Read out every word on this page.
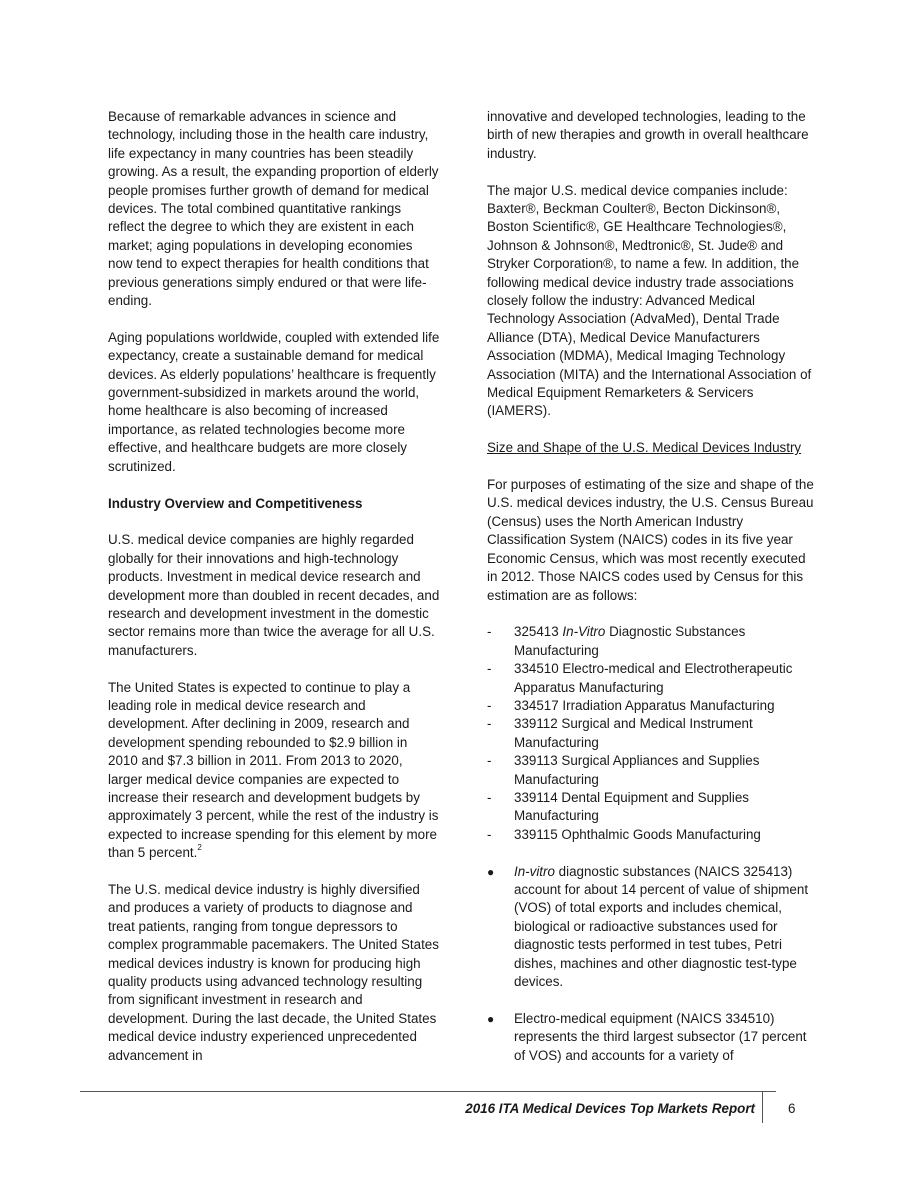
Because of remarkable advances in science and technology, including those in the health care industry, life expectancy in many countries has been steadily growing. As a result, the expanding proportion of elderly people promises further growth of demand for medical devices. The total combined quantitative rankings reflect the degree to which they are existent in each market; aging populations in developing economies now tend to expect therapies for health conditions that previous generations simply endured or that were life-ending.

Aging populations worldwide, coupled with extended life expectancy, create a sustainable demand for medical devices. As elderly populations’ healthcare is frequently government-subsidized in markets around the world, home healthcare is also becoming of increased importance, as related technologies become more effective, and healthcare budgets are more closely scrutinized.

Industry Overview and Competitiveness

U.S. medical device companies are highly regarded globally for their innovations and high-technology products. Investment in medical device research and development more than doubled in recent decades, and research and development investment in the domestic sector remains more than twice the average for all U.S. manufacturers.

The United States is expected to continue to play a leading role in medical device research and development. After declining in 2009, research and development spending rebounded to $2.9 billion in 2010 and $7.3 billion in 2011. From 2013 to 2020, larger medical device companies are expected to increase their research and development budgets by approximately 3 percent, while the rest of the industry is expected to increase spending for this element by more than 5 percent.$^2$

The U.S. medical device industry is highly diversified and produces a variety of products to diagnose and treat patients, ranging from tongue depressors to complex programmable pacemakers. The United States medical devices industry is known for producing high quality products using advanced technology resulting from significant investment in research and development. During the last decade, the United States medical device industry experienced unprecedented advancement in

innovative and developed technologies, leading to the birth of new therapies and growth in overall healthcare industry.

The major U.S. medical device companies include: Baxter®, Beckman Coulter®, Becton Dickinson®, Boston Scientific®, GE Healthcare Technologies®, Johnson & Johnson®, Medtronic®, St. Jude® and Stryker Corporation®, to name a few. In addition, the following medical device industry trade associations closely follow the industry: Advanced Medical Technology Association (AdvaMed), Dental Trade Alliance (DTA), Medical Device Manufacturers Association (MDMA), Medical Imaging Technology Association (MITA) and the International Association of Medical Equipment Remarketers & Servicers (IAMERS).

Size and Shape of the U.S. Medical Devices Industry

For purposes of estimating of the size and shape of the U.S. medical devices industry, the U.S. Census Bureau (Census) uses the North American Industry Classification System (NAICS) codes in its five year Economic Census, which was most recently executed in 2012. Those NAICS codes used by Census for this estimation are as follows:

- 325413 In-Vitro Diagnostic Substances Manufacturing
- 334510 Electro-medical and Electrotherapeutic Apparatus Manufacturing
- 334517 Irradiation Apparatus Manufacturing
- 339112 Surgical and Medical Instrument Manufacturing
- 339113 Surgical Appliances and Supplies Manufacturing
- 339114 Dental Equipment and Supplies Manufacturing
- 339115 Ophthalmic Goods Manufacturing
● In-vitro diagnostic substances (NAICS 325413) account for about 14 percent of value of shipment (VOS) of total exports and includes chemical, biological or radioactive substances used for diagnostic tests performed in test tubes, Petri dishes, machines and other diagnostic test-type devices.
● Electro-medical equipment (NAICS 334510) represents the third largest subsector (17 percent of VOS) and accounts for a variety of
2016 ITA Medical Devices Top Markets Report 6
